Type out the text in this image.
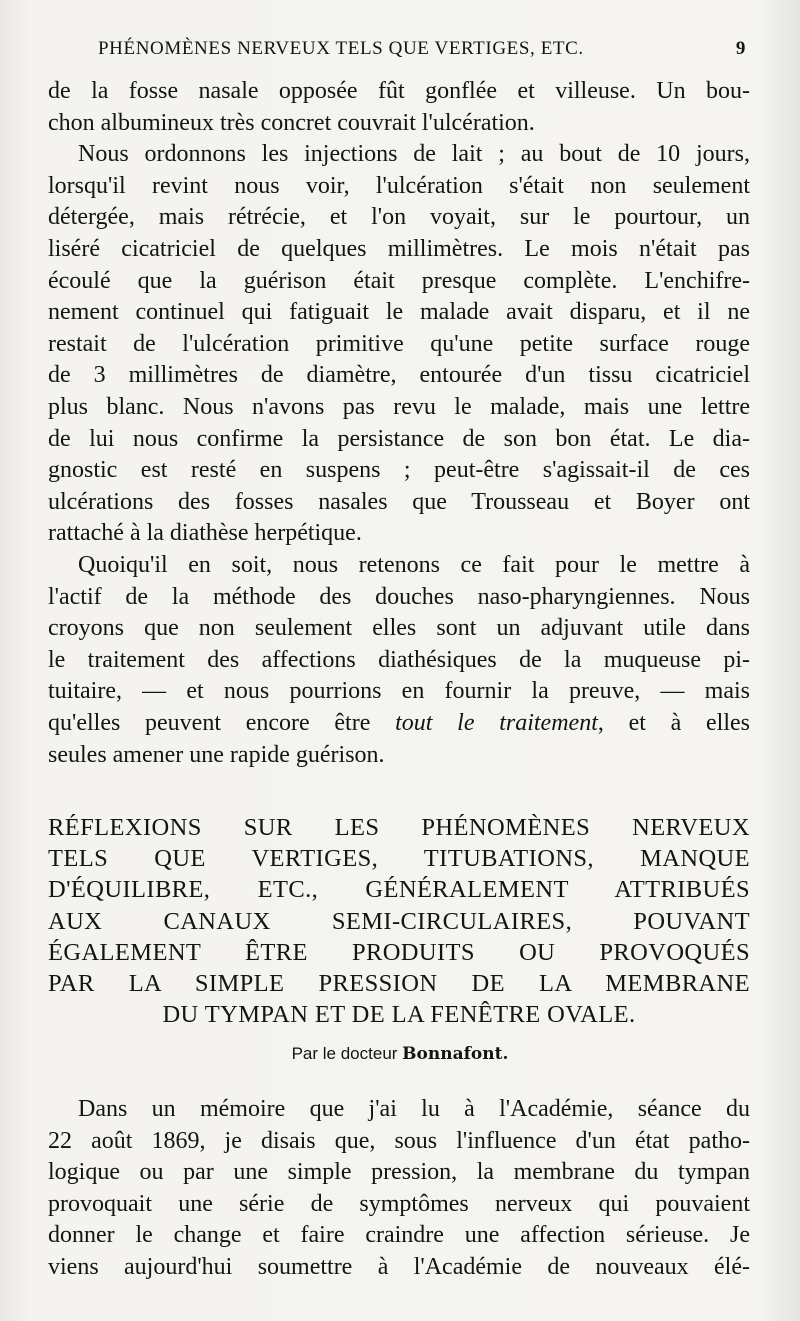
PHÉNOMÈNES NERVEUX TELS QUE VERTIGES, ETC.	9
de la fosse nasale opposée fût gonflée et villeuse. Un bou-
chon albumineux très concret couvrait l'ulcération.
Nous ordonnons les injections de lait ; au bout de 10 jours,
lorsqu'il revint nous voir, l'ulcération s'était non seulement
détergée, mais rétrécie, et l'on voyait, sur le pourtour, un
liséré cicatriciel de quelques millimètres. Le mois n'était pas
écoulé que la guérison était presque complète. L'enchifre-
nement continuel qui fatiguait le malade avait disparu, et il ne
restait de l'ulcération primitive qu'une petite surface rouge
de 3 millimètres de diamètre, entourée d'un tissu cicatriciel
plus blanc. Nous n'avons pas revu le malade, mais une lettre
de lui nous confirme la persistance de son bon état. Le dia-
gnostic est resté en suspens ; peut-être s'agissait-il de ces
ulcérations des fosses nasales que Trousseau et Boyer ont
rattaché à la diathèse herpétique.
Quoiqu'il en soit, nous retenons ce fait pour le mettre à
l'actif de la méthode des douches naso-pharyngiennes. Nous
croyons que non seulement elles sont un adjuvant utile dans
le traitement des affections diathésiques de la muqueuse pi-
tuitaire, — et nous pourrions en fournir la preuve, — mais
qu'elles peuvent encore être tout le traitement, et à elles
seules amener une rapide guérison.
RÉFLEXIONS SUR LES PHÉNOMÈNES NERVEUX
TELS QUE VERTIGES, TITUBATIONS, MANQUE
D'ÉQUILIBRE, ETC., GÉNÉRALEMENT ATTRIBUÉS
AUX CANAUX SEMI-CIRCULAIRES, POUVANT
ÉGALEMENT ÊTRE PRODUITS OU PROVOQUÉS
PAR LA SIMPLE PRESSION DE LA MEMBRANE
DU TYMPAN ET DE LA FENÊTRE OVALE.
Par le docteur Bonnafont.
Dans un mémoire que j'ai lu à l'Académie, séance du
22 août 1869, je disais que, sous l'influence d'un état patho-
logique ou par une simple pression, la membrane du tympan
provoquait une série de symptômes nerveux qui pouvaient
donner le change et faire craindre une affection sérieuse. Je
viens aujourd'hui soumettre à l'Académie de nouveaux élé-
